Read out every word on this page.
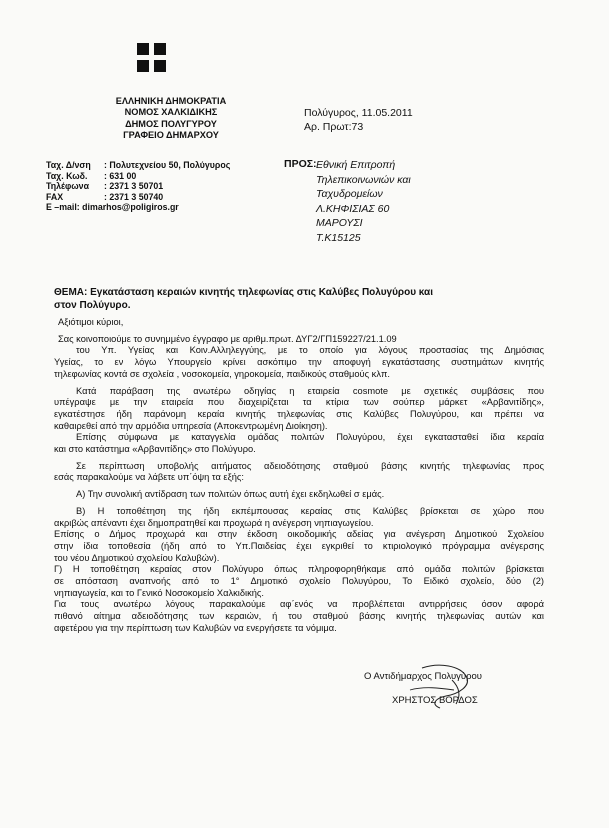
ΕΛΛΗΝΙΚΗ ΔΗΜΟΚΡΑΤΙΑ
ΝΟΜΟΣ ΧΑΛΚΙΔΙΚΗΣ
ΔΗΜΟΣ ΠΟΛΥΓΥΡΟΥ
ΓΡΑΦΕΙΟ ΔΗΜΑΡΧΟΥ
Πολύγυρος, 11.05.2011
Αρ. Πρωτ:73
Ταχ. Δ/νση	: Πολυτεχνείου 50, Πολύγυρος
Ταχ. Κωδ.	: 631 00
Τηλέφωνα	: 2371 3 50701
FAX	: 2371 3 50740
E –mail: dimarhos@poligiros.gr
ΠΡΟΣ: Εθνική Επιτροπή
Τηλεπικοινωνιών και
Ταχυδρομείων
Λ.ΚΗΦΙΣΙΑΣ 60
ΜΑΡΟΥΣΙ
Τ.Κ15125
ΘΕΜΑ: Εγκατάσταση κεραιών κινητής τηλεφωνίας στις Καλύβες Πολυγύρου και
στον Πολύγυρο.

Αξιότιμοι κύριοι,

Σας κοινοποιούμε το συνημμένο έγγραφο με αριθμ.πρωτ. ΔΥΓ2/ΓΠ159227/21.1.09

του Υπ. Υγείας και Κοιν.Αλληλεγγύης, με το οποίο για λόγους προστασίας της Δημόσιας

Υγείας, το εν λόγω Υπουργείο κρίνει ασκόπιμο την αποφυγή εγκατάστασης συστημάτων κινητής

τηλεφωνίας κοντά σε σχολεία , νοσοκομεία, γηροκομεία, παιδικούς σταθμούς κλπ.

Κατά παράβαση της ανωτέρω οδηγίας η εταιρεία cosmote με σχετικές συμβάσεις που

υπέγραψε με την εταιρεία που διαχειρίζεται τα κτίρια των σούπερ μάρκετ «Αρβανιτίδης»,

εγκατέστησε ήδη παράνομη κεραία κινητής τηλεφωνίας στις Καλύβες Πολυγύρου, και πρέπει να

καθαιρεθεί από την αρμόδια υπηρεσία (Αποκεντρωμένη Διοίκηση).

Επίσης σύμφωνα με καταγγελία ομάδας πολιτών Πολυγύρου, έχει εγκατασταθεί ίδια κεραία

και στο κατάστημα «Αρβανιτίδης» στο Πολύγυρο.

Σε περίπτωση υποβολής αιτήματος αδειοδότησης σταθμού βάσης κινητής τηλεφωνίας προς

εσάς παρακαλούμε να λάβετε υπ΄όψη τα εξής:

Α) Την συνολική αντίδραση των πολιτών όπως αυτή έχει εκδηλωθεί σ εμάς.

Β) Η τοποθέτηση της ήδη εκπέμπουσας κεραίας στις Καλύβες βρίσκεται σε χώρο που

ακριβώς απέναντι έχει δημοπρατηθεί και προχωρά η ανέγερση νηπιαγωγείου.

Επίσης ο Δήμος προχωρά και στην έκδοση οικοδομικής αδείας για ανέγερση Δημοτικού Σχολείου

στην ίδια τοποθεσία (ήδη από το Υπ.Παιδείας έχει εγκριθεί το κτιριολογικό πρόγραμμα ανέγερσης

του νέου Δημοτικού σχολείου Καλυβών).

Γ) Η τοποθέτηση κεραίας στον Πολύγυρο όπως πληροφορηθήκαμε από ομάδα πολιτών βρίσκεται

σε απόσταση αναπνοής από το 1° Δημοτικό σχολείο Πολυγύρου, Το Ειδικό σχολείο, δύο (2)

νηπιαγωγεία, και το Γενικό Νοσοκομείο Χαλκιδικής.

Για τους ανωτέρω λόγους παρακαλούμε αφ΄ενός να προβλέπεται αντιρρήσεις όσον αφορά

πιθανό αίτημα αδειοδότησης των κεραιών, ή του σταθμού βάσης κινητής τηλεφωνίας αυτών και

αφετέρου για την περίπτωση των Καλυβών να ενεργήσετε τα νόμιμα.

Ο Αντιδήμαρχος Πολυγύρου
ΧΡΗΣΤΟΣ ΒΟΡΔΟΣ
